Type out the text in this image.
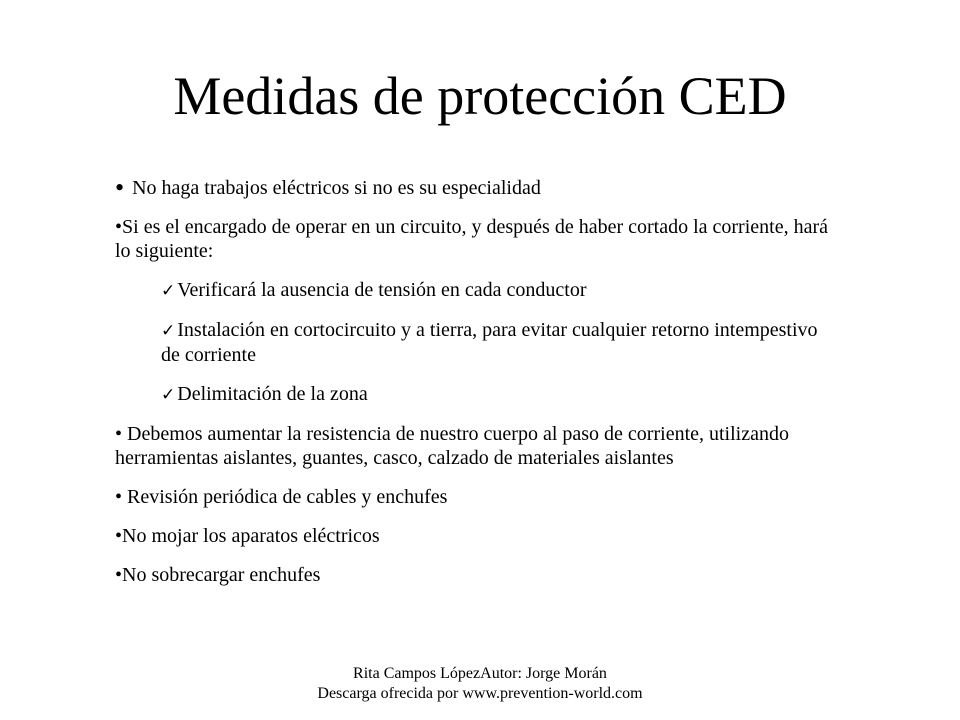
Medidas de protección CED

• No haga trabajos eléctricos si no es su especialidad

•Si es el encargado de operar en un circuito, y después de haber cortado la corriente, hará lo siguiente:

✓ Verificará la ausencia de tensión en cada conductor

✓ Instalación en cortocircuito y a tierra, para evitar cualquier retorno intempestivo de corriente

✓ Delimitación de la zona

• Debemos aumentar la resistencia de nuestro cuerpo al paso de corriente, utilizando herramientas aislantes, guantes, casco, calzado de materiales aislantes

• Revisión periódica de cables y enchufes

•No mojar los aparatos eléctricos

•No sobrecargar enchufes

Rita Campos LópezAutor: Jorge Morán
Descarga ofrecida por www.prevention-world.com
